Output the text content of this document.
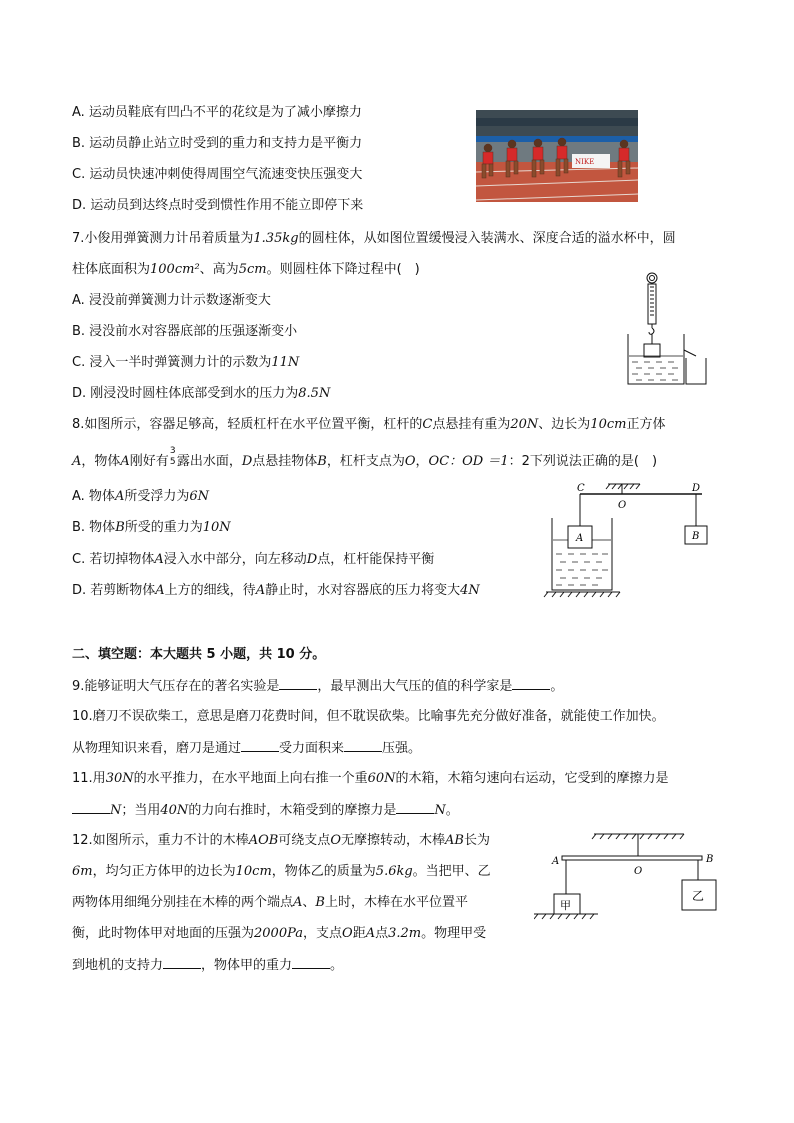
A. 运动员鞋底有凹凸不平的花纹是为了减小摩擦力
B. 运动员静止站立时受到的重力和支持力是平衡力
C. 运动员快速冲刺使得周围空气流速变快压强变大
D. 运动员到达终点时受到惯性作用不能立即停下来
NIKE
7.小俊用弹簧测力计吊着质量为1.35kg的圆柱体，从如图位置缓慢浸入装满水、深度合适的溢水杯中，圆
柱体底面积为100cm²、高为5cm。则圆柱体下降过程中(　)
A. 浸没前弹簧测力计示数逐渐变大
B. 浸没前水对容器底部的压强逐渐变小
C. 浸入一半时弹簧测力计的示数为11N
D. 刚浸没时圆柱体底部受到水的压力为8.5N
8.如图所示，容器足够高，轻质杠杆在水平位置平衡，杠杆的C点悬挂有重为20N、边长为10cm正方体
A，物体A刚好有
3
5 露出水面，D点悬挂物体B，杠杆支点为O，OC：OD ＝1：2下列说法正确的是(　)
A. 物体A所受浮力为6N
B. 物体B所受的重力为10N
C. 若切掉物体A浸入水中部分，向左移动D点，杠杆能保持平衡
D. 若剪断物体A上方的细线，待A静止时，水对容器底的压力将变大4N
C
O
D
A	B
二、填空题：本大题共 5 小题，共 10 分。
9.能够证明大气压存在的著名实验是	，最早测出大气压的值的科学家是	。
10.磨刀不误砍柴工，意思是磨刀花费时间，但不耽误砍柴。比喻事先充分做好准备，就能使工作加快。
从物理知识来看，磨刀是通过	受力面积来	压强。
11.用30N的水平推力，在水平地面上向右推一个重60N的木箱，木箱匀速向右运动，它受到的摩擦力是
N；当用40N的力向右推时，木箱受到的摩擦力是	N。
12.如图所示，重力不计的木棒AOB可绕支点O无摩擦转动，木棒AB长为
6m，均匀正方体甲的边长为10cm，物体乙的质量为5.6kg。当把甲、乙
两物体用细绳分别挂在木棒的两个端点A、B上时，木棒在水平位置平
衡，此时物体甲对地面的压强为2000Pa，支点O距A点3.2m。物理甲受
到地机的支持力	，物体甲的重力	。
A
O
B
甲
乙
